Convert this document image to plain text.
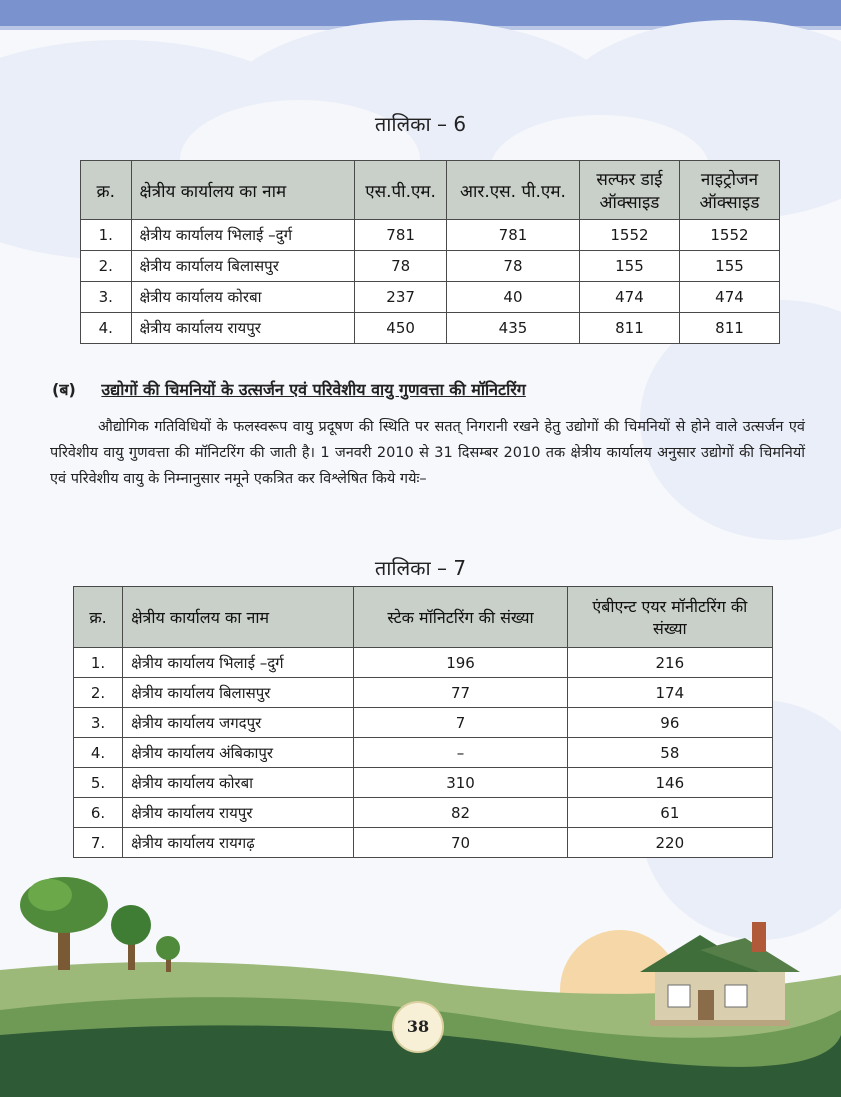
तालिका – 6
क्र.	क्षेत्रीय कार्यालय का नाम	एस.पी.एम.	आर.एस. पी.एम.	सल्फर डाई ऑक्साइड	नाइट्रोजन ऑक्साइड
1.	क्षेत्रीय कार्यालय भिलाई –दुर्ग	781	781	1552	1552
2.	क्षेत्रीय कार्यालय बिलासपुर	78	78	155	155
3.	क्षेत्रीय कार्यालय कोरबा	237	40	474	474
4.	क्षेत्रीय कार्यालय रायपुर	450	435	811	811
(ब) उद्योगों की चिमनियों के उत्सर्जन एवं परिवेशीय वायु गुणवत्ता की मॉनिटरिंग
औद्योगिक गतिविधियों के फलस्वरूप वायु प्रदूषण की स्थिति पर सतत् निगरानी रखने हेतु उद्योगों की चिमनियों से होने वाले उत्सर्जन एवं परिवेशीय वायु गुणवत्ता की मॉनिटरिंग की जाती है। 1 जनवरी 2010 से 31 दिसम्बर 2010 तक क्षेत्रीय कार्यालय अनुसार उद्योगों की चिमनियों एवं परिवेशीय वायु के निम्नानुसार नमूने एकत्रित कर विश्लेषित किये गयेः–
तालिका – 7
क्र.	क्षेत्रीय कार्यालय का नाम	स्टेक मॉनिटरिंग की संख्या	एंबीएन्ट एयर मॉनीटरिंग की संख्या
1.	क्षेत्रीय कार्यालय भिलाई –दुर्ग	196	216
2.	क्षेत्रीय कार्यालय बिलासपुर	77	174
3.	क्षेत्रीय कार्यालय जगदपुर	7	96
4.	क्षेत्रीय कार्यालय अंबिकापुर	–	58
5.	क्षेत्रीय कार्यालय कोरबा	310	146
6.	क्षेत्रीय कार्यालय रायपुर	82	61
7.	क्षेत्रीय कार्यालय रायगढ़	70	220
38
